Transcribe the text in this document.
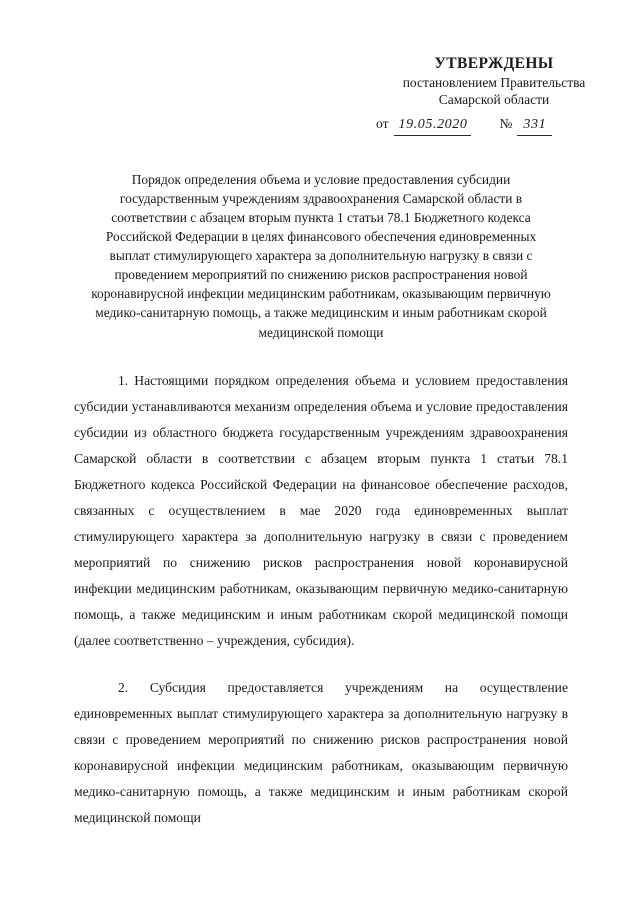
УТВЕРЖДЕНЫ
постановлением Правительства
Самарской области
от 19.05.2020 № 331
Порядок определения объема и условие предоставления субсидии государственным учреждениям здравоохранения Самарской области в соответствии с абзацем вторым пункта 1 статьи 78.1 Бюджетного кодекса Российской Федерации в целях финансового обеспечения единовременных выплат стимулирующего характера за дополнительную нагрузку в связи с проведением мероприятий по снижению рисков распространения новой коронавирусной инфекции медицинским работникам, оказывающим первичную медико-санитарную помощь, а также медицинским и иным работникам скорой медицинской помощи

1. Настоящими порядком определения объема и условием предоставления субсидии устанавливаются механизм определения объема и условие предоставления субсидии из областного бюджета государственным учреждениям здравоохранения Самарской области в соответствии с абзацем вторым пункта 1 статьи 78.1 Бюджетного кодекса Российской Федерации на финансовое обеспечение расходов, связанных с осуществлением в мае 2020 года единовременных выплат стимулирующего характера за дополнительную нагрузку в связи с проведением мероприятий по снижению рисков распространения новой коронавирусной инфекции медицинским работникам, оказывающим первичную медико-санитарную помощь, а также медицинским и иным работникам скорой медицинской помощи (далее соответственно – учреждения, субсидия).

2. Субсидия предоставляется учреждениям на осуществление единовременных выплат стимулирующего характера за дополнительную нагрузку в связи с проведением мероприятий по снижению рисков распространения новой коронавирусной инфекции медицинским работникам, оказывающим первичную медико-санитарную помощь, а также медицинским и иным работникам скорой медицинской помощи
